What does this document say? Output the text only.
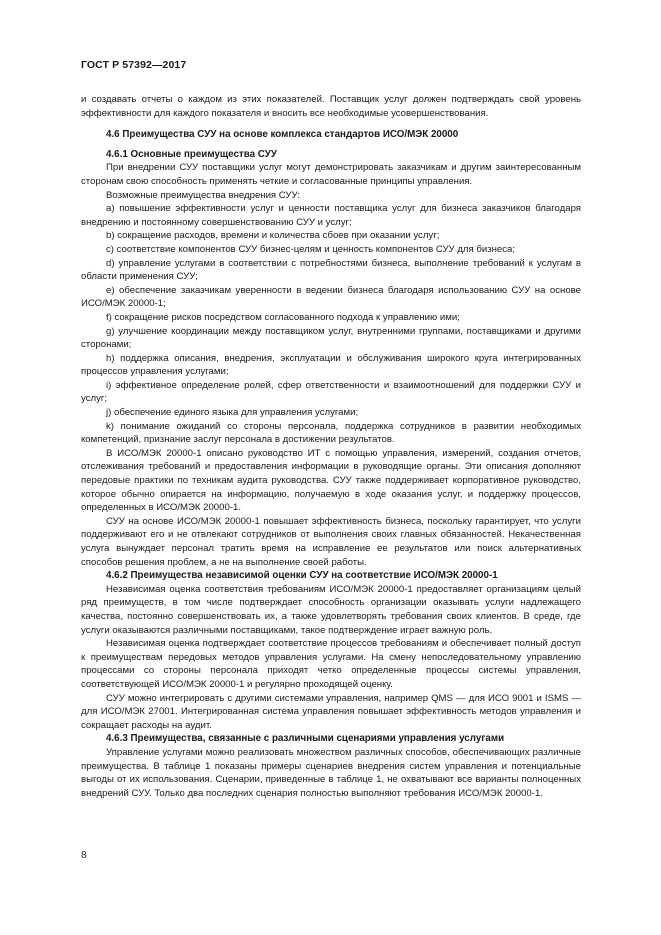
ГОСТ Р 57392—2017

и создавать отчеты о каждом из этих показателей. Поставщик услуг должен подтверждать свой уровень эффективности для каждого показателя и вносить все необходимые усовершенствования.

4.6 Преимущества СУУ на основе комплекса стандартов ИСО/МЭК 20000
4.6.1 Основные преимущества СУУ

При внедрении СУУ поставщики услуг могут демонстрировать заказчикам и другим заинтересованным сторонам свою способность применять четкие и согласованные принципы управления.

Возможные преимущества внедрения СУУ:

a) повышение эффективности услуг и ценности поставщика услуг для бизнеса заказчиков благодаря внедрению и постоянному совершенствованию СУУ и услуг;

b) сокращение расходов, времени и количества сбоев при оказании услуг;

c) соответствие компонентов СУУ бизнес-целям и ценность компонентов СУУ для бизнеса;

d) управление услугами в соответствии с потребностями бизнеса, выполнение требований к услугам в области применения СУУ;

e) обеспечение заказчикам уверенности в ведении бизнеса благодаря использованию СУУ на основе ИСО/МЭК 20000-1;

f) сокращение рисков посредством согласованного подхода к управлению ими;

g) улучшение координации между поставщиком услуг, внутренними группами, поставщиками и другими сторонами;

h) поддержка описания, внедрения, эксплуатации и обслуживания широкого круга интегрированных процессов управления услугами;

i) эффективное определение ролей, сфер ответственности и взаимоотношений для поддержки СУУ и услуг;

j) обеспечение единого языка для управления услугами;

k) понимание ожиданий со стороны персонала, поддержка сотрудников в развитии необходимых компетенций, признание заслуг персонала в достижении результатов.

В ИСО/МЭК 20000-1 описано руководство ИТ с помощью управления, измерений, создания отчетов, отслеживания требований и предоставления информации в руководящие органы. Эти описания дополняют передовые практики по техникам аудита руководства. СУУ также поддерживает корпоративное руководство, которое обычно опирается на информацию, получаемую в ходе оказания услуг, и поддержку процессов, определенных в ИСО/МЭК 20000-1.

СУУ на основе ИСО/МЭК 20000-1 повышает эффективность бизнеса, поскольку гарантирует, что услуги поддерживают его и не отвлекают сотрудников от выполнения своих главных обязанностей. Некачественная услуга вынуждает персонал тратить время на исправление ее результатов или поиск альтернативных способов решения проблем, а не на выполнение своей работы.

4.6.2 Преимущества независимой оценки СУУ на соответствие ИСО/МЭК 20000-1

Независимая оценка соответствия требованиям ИСО/МЭК 20000-1 предоставляет организациям целый ряд преимуществ, в том числе подтверждает способность организации оказывать услуги надлежащего качества, постоянно совершенствовать их, а также удовлетворять требования своих клиентов. В среде, где услуги оказываются различными поставщиками, такое подтверждение играет важную роль.

Независимая оценка подтверждает соответствие процессов требованиям и обеспечивает полный доступ к преимуществам передовых методов управления услугами. На смену непоследовательному управлению процессами со стороны персонала приходят четко определенные процессы системы управления, соответствующей ИСО/МЭК 20000-1 и регулярно проходящей оценку.

СУУ можно интегрировать с другими системами управления, например QMS — для ИСО 9001 и ISMS — для ИСО/МЭК 27001. Интегрированная система управления повышает эффективность методов управления и сокращает расходы на аудит.

4.6.3 Преимущества, связанные с различными сценариями управления услугами

Управление услугами можно реализовать множеством различных способов, обеспечивающих различные преимущества. В таблице 1 показаны примеры сценариев внедрения систем управления и потенциальные выгоды от их использования. Сценарии, приведенные в таблице 1, не охватывают все варианты полноценных внедрений СУУ. Только два последних сценария полностью выполняют требования ИСО/МЭК 20000-1.

8
